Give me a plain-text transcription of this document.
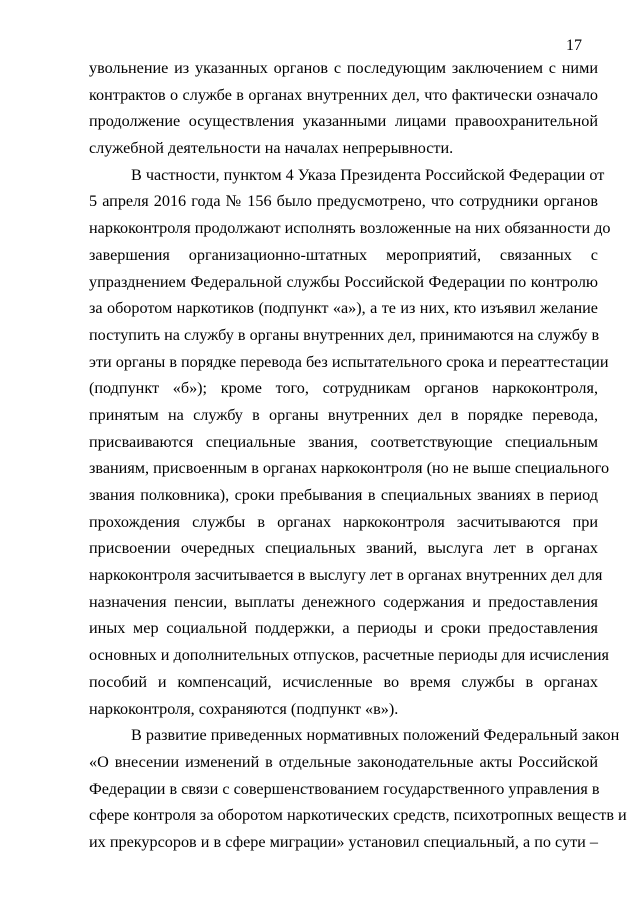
17
увольнение из указанных органов с последующим заключением с ними
контрактов о службе в органах внутренних дел, что фактически означало
продолжение осуществления указанными лицами правоохранительной
служебной деятельности на началах непрерывности.
В частности, пунктом 4 Указа Президента Российской Федерации от
5 апреля 2016 года № 156 было предусмотрено, что сотрудники органов
наркоконтроля продолжают исполнять возложенные на них обязанности до
завершения организационно-штатных мероприятий, связанных с
упразднением Федеральной службы Российской Федерации по контролю
за оборотом наркотиков (подпункт «а»), а те из них, кто изъявил желание
поступить на службу в органы внутренних дел, принимаются на службу в
эти органы в порядке перевода без испытательного срока и переаттестации
(подпункт «б»); кроме того, сотрудникам органов наркоконтроля,
принятым на службу в органы внутренних дел в порядке перевода,
присваиваются специальные звания, соответствующие специальным
званиям, присвоенным в органах наркоконтроля (но не выше специального
звания полковника), сроки пребывания в специальных званиях в период
прохождения службы в органах наркоконтроля засчитываются при
присвоении очередных специальных званий, выслуга лет в органах
наркоконтроля засчитывается в выслугу лет в органах внутренних дел для
назначения пенсии, выплаты денежного содержания и предоставления
иных мер социальной поддержки, а периоды и сроки предоставления
основных и дополнительных отпусков, расчетные периоды для исчисления
пособий и компенсаций, исчисленные во время службы в органах
наркоконтроля, сохраняются (подпункт «в»).
В развитие приведенных нормативных положений Федеральный закон
«О внесении изменений в отдельные законодательные акты Российской
Федерации в связи с совершенствованием государственного управления в
сфере контроля за оборотом наркотических средств, психотропных веществ и
их прекурсоров и в сфере миграции» установил специальный, а по сути –
